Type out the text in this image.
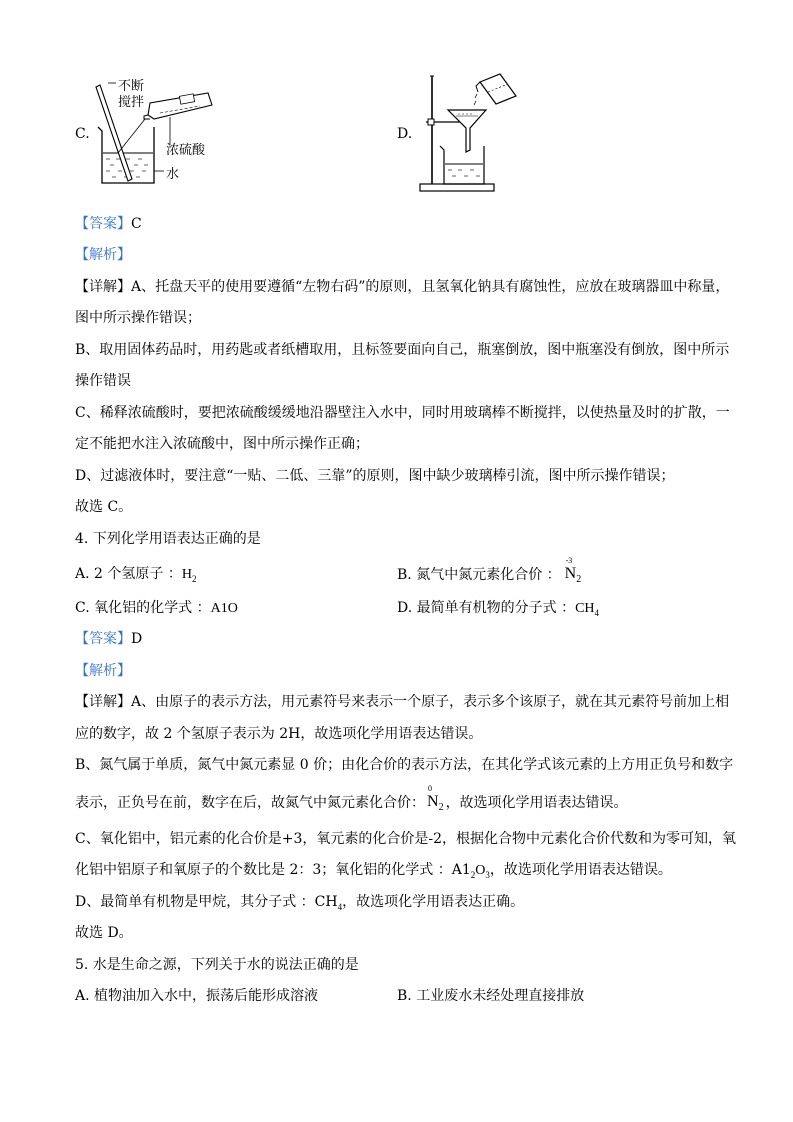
C.
不断
搅拌
浓硫酸
水
D.
【答案】C
【解析】
【详解】A、托盘天平的使用要遵循“左物右码”的原则，且氢氧化钠具有腐蚀性，应放在玻璃器皿中称量，
图中所示操作错误；
B、取用固体药品时，用药匙或者纸槽取用，且标签要面向自己，瓶塞倒放，图中瓶塞没有倒放，图中所示
操作错误
C、稀释浓硫酸时，要把浓硫酸缓缓地沿器壁注入水中，同时用玻璃棒不断搅拌，以使热量及时的扩散，一
定不能把水注入浓硫酸中，图中所示操作正确；
D、过滤液体时，要注意“一贴、二低、三靠”的原则，图中缺少玻璃棒引流，图中所示操作错误；
故选 C。
4. 下列化学用语表达正确的是
A. 2 个氢原子 ：$H_2$	B. 氮气中氮元素化合价 ：
-3
$N_2$
C. 氧化铝的化学式 ：A1O	D. 最简单有机物的分子式 ：$CH_4$
【答案】D
【解析】
【详解】A、由原子的表示方法，用元素符号来表示一个原子，表示多个该原子，就在其元素符号前加上相
应的数字，故 2 个氢原子表示为 2H，故选项化学用语表达错误。
B、氮气属于单质，氮气中氮元素显 0 价；由化合价的表示方法，在其化学式该元素的上方用正负号和数字
表示，正负号在前，数字在后，故氮气中氮元素化合价：
0
$N_2$ ，故选项化学用语表达错误。
C、氧化铝中，铝元素的化合价是+3，氧元素的化合价是-2，根据化合物中元素化合价代数和为零可知，氧
化铝中铝原子和氧原子的个数比是 2：3；氧化铝的化学式 ：$A1_2O_3$，故选项化学用语表达错误。
D、最简单有机物是甲烷，其分子式 ：$CH_4$，故选项化学用语表达正确。
故选 D。
5. 水是生命之源，下列关于水的说法正确的是
A. 植物油加入水中，振荡后能形成溶液	B. 工业废水未经处理直接排放
